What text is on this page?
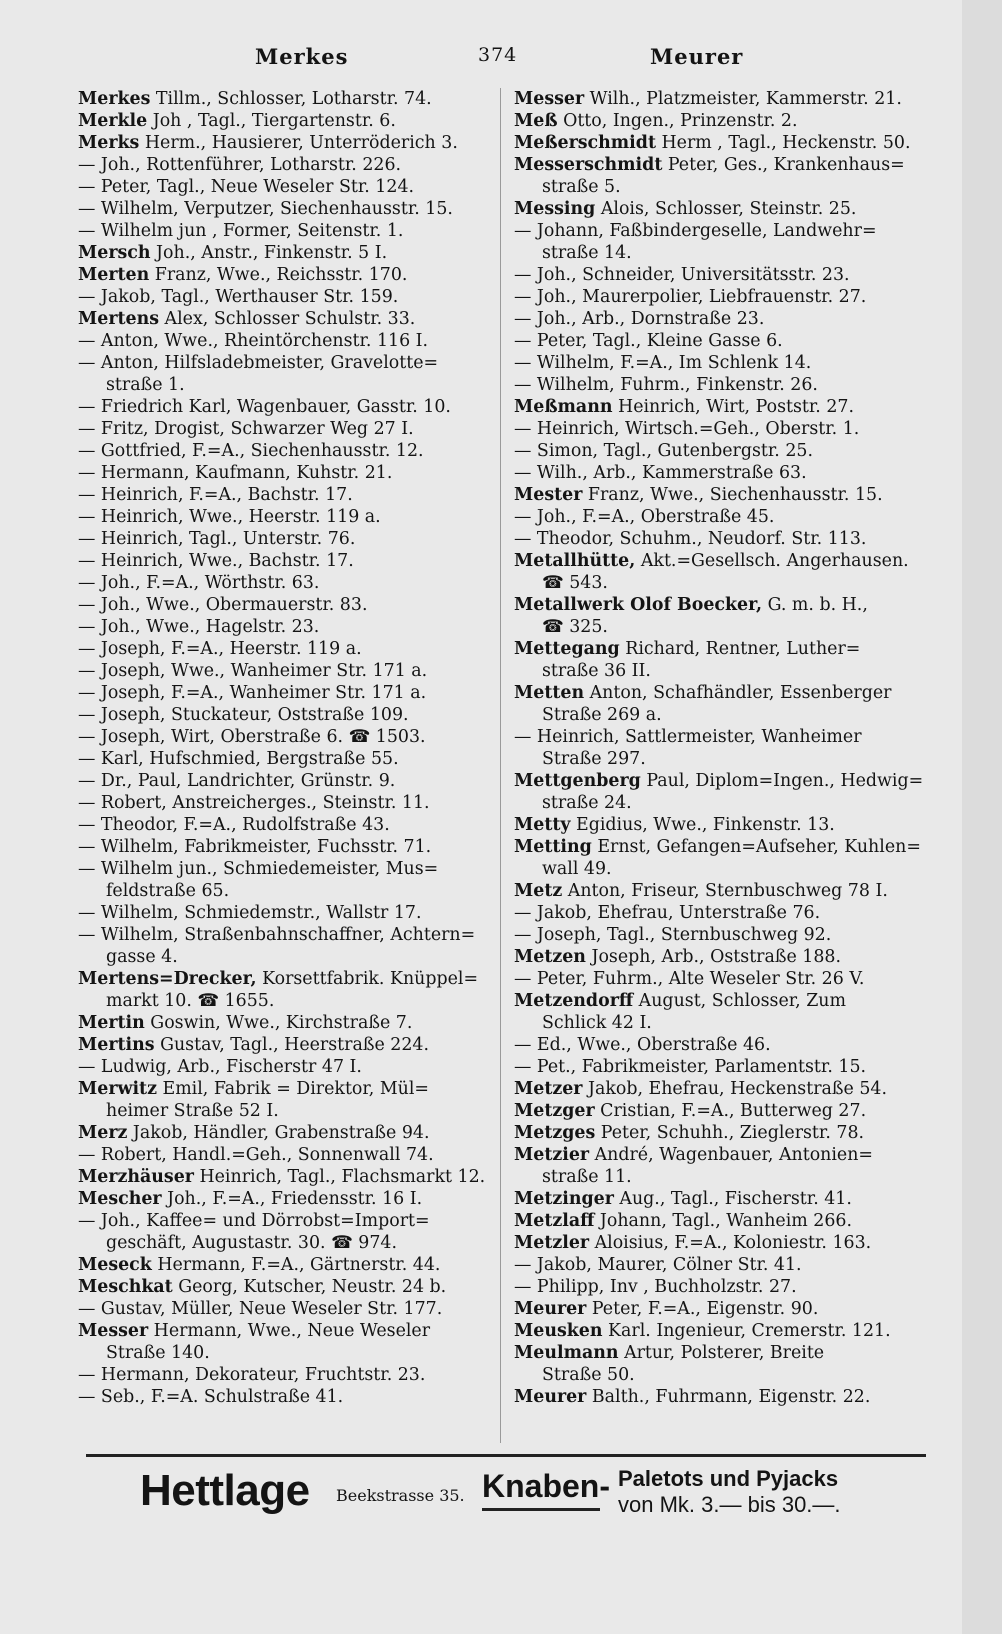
Merkes	374	Meurer
Merkes Tillm., Schlosser, Lotharstr. 74.
Merkle Joh , Tagl., Tiergartenstr. 6.
Merks Herm., Hausierer, Unterröderich 3.
— Joh., Rottenführer, Lotharstr. 226.
— Peter, Tagl., Neue Weseler Str. 124.
— Wilhelm, Verputzer, Siechenhausstr. 15.
— Wilhelm jun , Former, Seitenstr. 1.
Mersch Joh., Anstr., Finkenstr. 5 I.
Merten Franz, Wwe., Reichsstr. 170.
— Jakob, Tagl., Werthauser Str. 159.
Mertens Alex, Schlosser Schulstr. 33.
— Anton, Wwe., Rheintörchenstr. 116 I.
— Anton, Hilfsladebmeister, Gravelotte=
straße 1.
— Friedrich Karl, Wagenbauer, Gasstr. 10.
— Fritz, Drogist, Schwarzer Weg 27 I.
— Gottfried, F.=A., Siechenhausstr. 12.
— Hermann, Kaufmann, Kuhstr. 21.
— Heinrich, F.=A., Bachstr. 17.
— Heinrich, Wwe., Heerstr. 119 a.
— Heinrich, Tagl., Unterstr. 76.
— Heinrich, Wwe., Bachstr. 17.
— Joh., F.=A., Wörthstr. 63.
— Joh., Wwe., Obermauerstr. 83.
— Joh., Wwe., Hagelstr. 23.
— Joseph, F.=A., Heerstr. 119 a.
— Joseph, Wwe., Wanheimer Str. 171 a.
— Joseph, F.=A., Wanheimer Str. 171 a.
— Joseph, Stuckateur, Oststraße 109.
— Joseph, Wirt, Oberstraße 6. ☎ 1503.
— Karl, Hufschmied, Bergstraße 55.
— Dr., Paul, Landrichter, Grünstr. 9.
— Robert, Anstreicherges., Steinstr. 11.
— Theodor, F.=A., Rudolfstraße 43.
— Wilhelm, Fabrikmeister, Fuchsstr. 71.
— Wilhelm jun., Schmiedemeister, Mus=
feldstraße 65.
— Wilhelm, Schmiedemstr., Wallstr 17.
— Wilhelm, Straßenbahnschaffner, Achtern=
gasse 4.
Mertens=Drecker, Korsettfabrik. Knüppel=
markt 10. ☎ 1655.
Mertin Goswin, Wwe., Kirchstraße 7.
Mertins Gustav, Tagl., Heerstraße 224.
— Ludwig, Arb., Fischerstr 47 I.
Merwitz Emil, Fabrik = Direktor, Mül=
heimer Straße 52 I.
Merz Jakob, Händler, Grabenstraße 94.
— Robert, Handl.=Geh., Sonnenwall 74.
Merzhäuser Heinrich, Tagl., Flachsmarkt 12.
Mescher Joh., F.=A., Friedensstr. 16 I.
— Joh., Kaffee= und Dörrobst=Import=
geschäft, Augustastr. 30. ☎ 974.
Meseck Hermann, F.=A., Gärtnerstr. 44.
Meschkat Georg, Kutscher, Neustr. 24 b.
— Gustav, Müller, Neue Weseler Str. 177.
Messer Hermann, Wwe., Neue Weseler
Straße 140.
— Hermann, Dekorateur, Fruchtstr. 23.
— Seb., F.=A. Schulstraße 41.
Messer Wilh., Platzmeister, Kammerstr. 21.
Meß Otto, Ingen., Prinzenstr. 2.
Meßerschmidt Herm , Tagl., Heckenstr. 50.
Messerschmidt Peter, Ges., Krankenhaus=
straße 5.
Messing Alois, Schlosser, Steinstr. 25.
— Johann, Faßbindergeselle, Landwehr=
straße 14.
— Joh., Schneider, Universitätsstr. 23.
— Joh., Maurerpolier, Liebfrauenstr. 27.
— Joh., Arb., Dornstraße 23.
— Peter, Tagl., Kleine Gasse 6.
— Wilhelm, F.=A., Im Schlenk 14.
— Wilhelm, Fuhrm., Finkenstr. 26.
Meßmann Heinrich, Wirt, Poststr. 27.
— Heinrich, Wirtsch.=Geh., Oberstr. 1.
— Simon, Tagl., Gutenbergstr. 25.
— Wilh., Arb., Kammerstraße 63.
Mester Franz, Wwe., Siechenhausstr. 15.
— Joh., F.=A., Oberstraße 45.
— Theodor, Schuhm., Neudorf. Str. 113.
Metallhütte, Akt.=Gesellsch. Angerhausen.
☎ 543.
Metallwerk Olof Boecker, G. m. b. H.,
☎ 325.
Mettegang Richard, Rentner, Luther=
straße 36 II.
Metten Anton, Schafhändler, Essenberger
Straße 269 a.
— Heinrich, Sattlermeister, Wanheimer
Straße 297.
Mettgenberg Paul, Diplom=Ingen., Hedwig=
straße 24.
Metty Egidius, Wwe., Finkenstr. 13.
Metting Ernst, Gefangen=Aufseher, Kuhlen=
wall 49.
Metz Anton, Friseur, Sternbuschweg 78 I.
— Jakob, Ehefrau, Unterstraße 76.
— Joseph, Tagl., Sternbuschweg 92.
Metzen Joseph, Arb., Oststraße 188.
— Peter, Fuhrm., Alte Weseler Str. 26 V.
Metzendorff August, Schlosser, Zum
Schlick 42 I.
— Ed., Wwe., Oberstraße 46.
— Pet., Fabrikmeister, Parlamentstr. 15.
Metzer Jakob, Ehefrau, Heckenstraße 54.
Metzger Cristian, F.=A., Butterweg 27.
Metzges Peter, Schuhh., Zieglerstr. 78.
Metzier André, Wagenbauer, Antonien=
straße 11.
Metzinger Aug., Tagl., Fischerstr. 41.
Metzlaff Johann, Tagl., Wanheim 266.
Metzler Aloisius, F.=A., Koloniestr. 163.
— Jakob, Maurer, Cölner Str. 41.
— Philipp, Inv , Buchholzstr. 27.
Meurer Peter, F.=A., Eigenstr. 90.
Meusken Karl. Ingenieur, Cremerstr. 121.
Meulmann Artur, Polsterer, Breite
Straße 50.
Meurer Balth., Fuhrmann, Eigenstr. 22.
Hettlage Beekstrasse 35. Knaben- Paletots und Pyjacks
von Mk. 3.— bis 30.—.
